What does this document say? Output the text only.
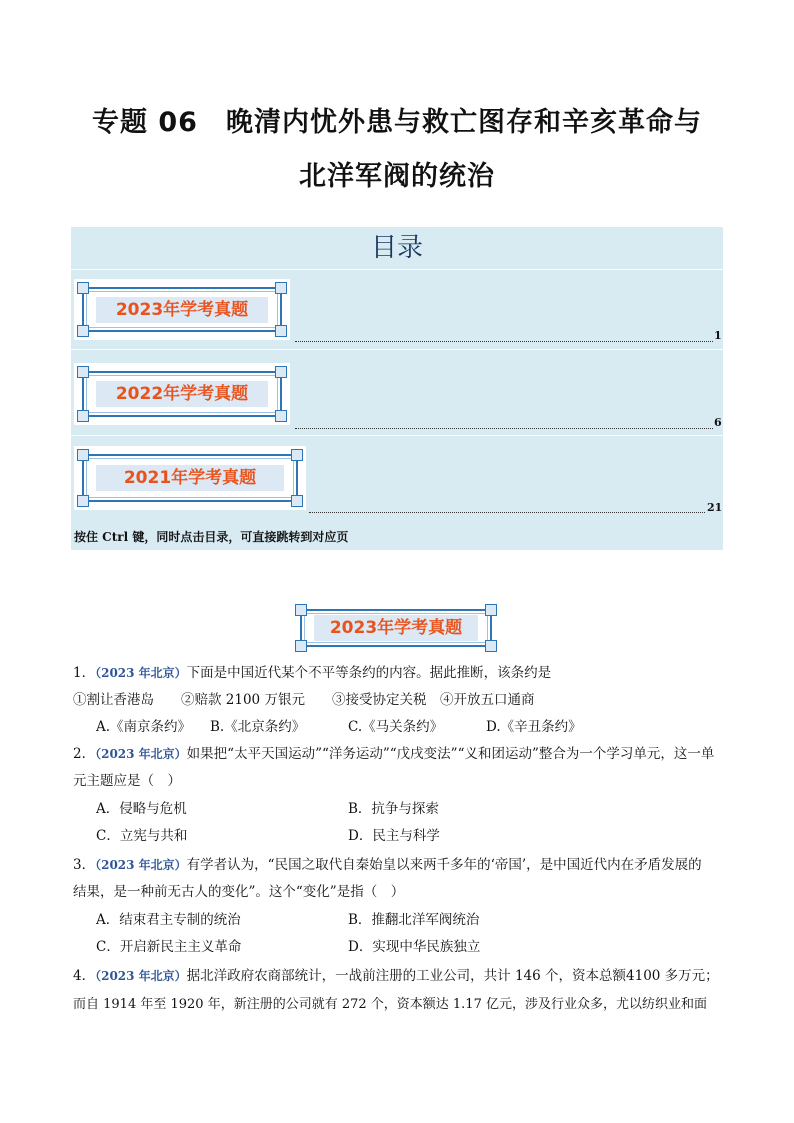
专题 06　晚清内忧外患与救亡图存和辛亥革命与
北洋军阀的统治
目录
2023年学考真题
1
2022年学考真题
6
2021年学考真题
21
按住 Ctrl 键，同时点击目录，可直接跳转到对应页
2023年学考真题
1．（2023 年北京）下面是中国近代某个不平等条约的内容。据此推断，该条约是
①割让香港岛　　②赔款 2100 万银元　　③接受协定关税　④开放五口通商
A.《南京条约》 B.《北京条约》	C.《马关条约》	D.《辛丑条约》
2．（2023 年北京）如果把“太平天国运动”“洋务运动”“戊戌变法”“义和团运动”整合为一个学习单元，这一单
元主题应是（　）
A．侵略与危机	B．抗争与探索
C．立宪与共和	D．民主与科学
3．（2023 年北京）有学者认为，“民国之取代自秦始皇以来两千多年的‘帝国’，是中国近代内在矛盾发展的
结果，是一种前无古人的变化”。这个“变化”是指（　）
A．结束君主专制的统治	B．推翻北洋军阀统治
C．开启新民主主义革命	D．实现中华民族独立
4．（2023 年北京）据北洋政府农商部统计，一战前注册的工业公司，共计 146 个，资本总额4100 多万元；
而自 1914 年至 1920 年，新注册的公司就有 272 个，资本额达 1.17 亿元，涉及行业众多，尤以纺织业和面
